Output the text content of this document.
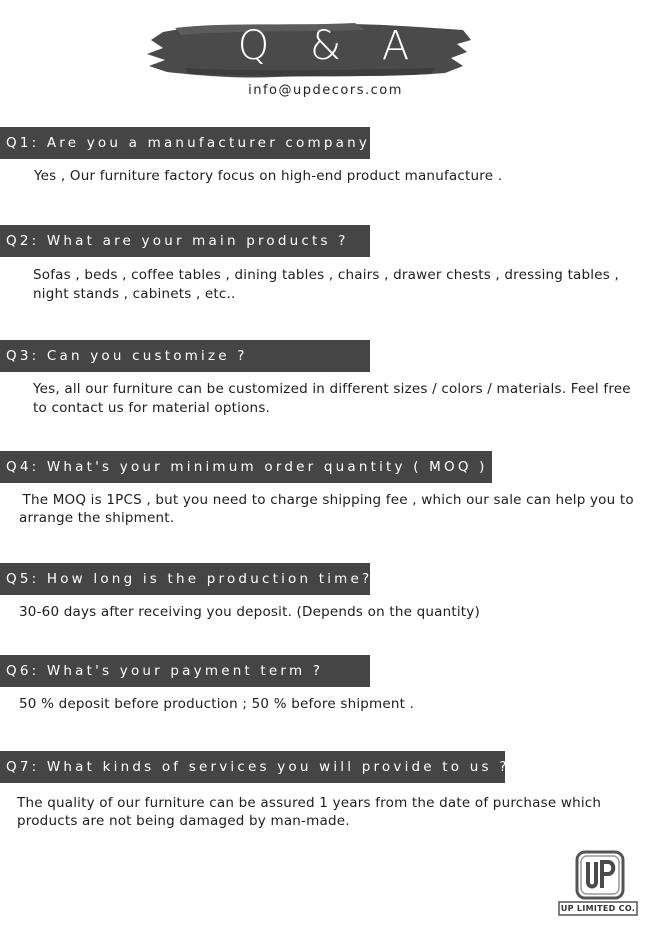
Q & A
info@updecors.com
Q1: Are you a manufacturer company?
Yes , Our furniture factory focus on high-end product manufacture .
Q2: What are your main products ?
Sofas , beds , coffee tables , dining tables , chairs , drawer chests , dressing tables ,
night stands , cabinets , etc..
Q3: Can you customize ?
Yes, all our furniture can be customized in different sizes / colors / materials. Feel free
to contact us for material options.
Q4: What's your minimum order quantity ( MOQ ) ?
The MOQ is 1PCS , but you need to charge shipping fee , which our sale can help you to
arrange the shipment.
Q5: How long is the production time?
30-60 days after receiving you deposit. (Depends on the quantity)
Q6: What's your payment term ?
50 % deposit before production ; 50 % before shipment .
Q7: What kinds of services you will provide to us ?
The quality of our furniture can be assured 1 years from the date of purchase which
products are not being damaged by man-made.
UP LIMITED CO.
